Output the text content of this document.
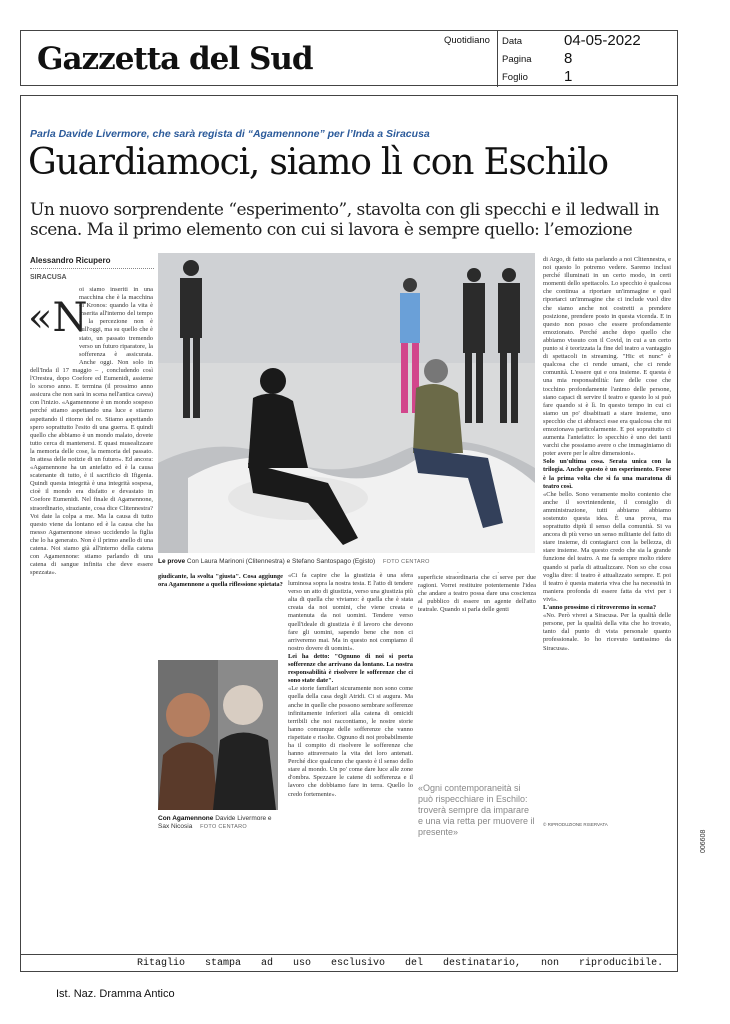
Gazzetta del Sud
Quotidiano Data	04-05-2022
Pagina 8
Foglio 1
Parla Davide Livermore, che sarà regista di “Agamennone” per l’Inda a Siracusa
Guardiamoci, siamo lì con Eschilo
Un nuovo sorprendente “esperimento”, stavolta con gli specchi e il ledwall in scena. Ma il primo elemento con cui si lavora è sempre quello: l’emozione
Alessandro Ricupero
SIRACUSA
«N

oi siamo inseriti in una macchina che è la macchina di Kronos: quando la vita è inserita all'interno del tempo e la percezione non è sull'oggi, ma su quello che è stato, un passato tremendo verso un futuro riparatore, la sofferenza è assicurata. Anche oggi. Non solo in

dell'Inda il 17 maggio – , concludendo così l'Orestea, dopo Coefore ed Eumenidi, assieme lo scorso anno. E termina (il prossimo anno assicura che non sarà in scena nell'antica cavea) con l'inizio. «Agamennone è un mondo sospeso perché stiamo aspettando una luce e stiamo aspettando il ritorno del re. Stiamo aspettando spero soprattutto l'esito di una guerra. E quindi quello che abbiamo è un mondo malato, dovete tutto cerca di mantenersi. E quasi musealizzare la memoria delle cose, la memoria del passato. In attesa delle notizie di un futuro». Ed ancora: «Agamennone ha un antefatto ed è la causa scatenante di tutto, è il sacrificio di Ifigenia. Quindi questa integrità è una integrità sospesa, cioè il mondo era disfatto e devastato in Coefore Eumenidi. Nel finale di Agamennone, straordinario, straziante, cosa dice Clitennestra? Voi date la colpa a me. Ma la causa di tutto questo viene da lontano ed è la causa che ha messo Agamennone stesso uccidendo la figlia che lo ha generato. Non è il primo anello di una catena. Noi siamo già all'interno della catena con Agamennone: stiamo parlando di una catena di sangue infinita che deve essere spezzata».

Le prove Con Laura Marinoni (Clitennestra) e Stefano Santospago (Egisto) FOTO CENTARO

giudicante, la svolta "giusta". Cosa aggiunge ora Agamennone a quella riflessione spietata?

Con Agamennone Davide Livermore e Sax Nicosia FOTO CENTARO

«Ci fa capire che la giustizia è una sfera luminosa sopra la nostra testa. E l'atto di tendere verso un atto di giustizia, verso una giustizia più alta di quella che viviamo: è quella che è stata creata da noi uomini, che viene creata e mantenuta da noi uomini. Tendere verso quell'ideale di giustizia è il lavoro che devono fare gli uomini, sapendo bene che non ci arriveremo mai. Ma in questo noi compiamo il nostro dovere di uomini».

Lei ha detto: "Ognuno di noi si porta sofferenze che arrivano da lontano. La nostra responsabilità è risolvere le sofferenze che ci sono state date".

«Le storie familiari sicuramente non sono come quella della casa degli Atridi. Ci si augura. Ma anche in quelle che possono sembrare sofferenze infinitamente inferiori alla catena di omicidi terribili che noi raccontiamo, le nostre storie hanno comunque delle sofferenze che vanno rispettate e risolte. Ognuno di noi probabilmente ha il compito di risolvere le sofferenze che hanno attraversato la vita dei loro antenati. Perché dice qualcuno che questo è il senso dello stare al mondo. Un po' come dare luce alle zone d'ombra. Spezzare le catene di sofferenza e il lavoro che dobbiamo fare in terra. Quello lo credo fortemente».

superficie straordinaria che ci serve per due ragioni. Vorrei restituire potentemente l'idea che andare a teatro possa dare una coscienza al pubblico di essere un agente dell'atto teatrale. Quando si parla delle genti

«Ogni contemporaneità si può rispecchiare in Eschilo: troverà sempre da imparare e una via retta per muovere il presente»

di Argo, di fatto sta parlando a noi Clitennestra, e noi questo lo potremo vedere. Saremo inclusi perché illuminati in un certo modo, in certi momenti dello spettacolo. Lo specchio è qualcosa che continua a riportare un'immagine e quel riportarci un'immagine che ci include vuol dire che siamo anche noi costretti a prendere posizione, prendere posto in questa vicenda. E in questo non posso che essere profondamente emozionato. Perché anche dopo quello che abbiamo vissuto con il Covid, in cui a un certo punto si è teorizzata la fine del teatro a vantaggio di spettacoli in streaming. "Hic et nunc" è qualcosa che ci rende umani, che ci rende comunità. L'essere qui e ora insieme. E questa è una mia responsabilità: fare delle cose che tocchino profondamente l'animo delle persone, siano capaci di servire il teatro e questo lo si può fare quando si è lì. In questo tempo in cui ci siamo un po' disabituati a stare insieme, uno specchio che ci abbracci esse era qualcosa che mi emozionava particolarmente. E poi soprattutto ci aumenta l'antefatto: lo specchio è uno dei tanti varchi che possiamo avere o che immaginiamo di poter avere per le altre dimensioni».

Solo un'ultima cosa. Serata unica con la trilogia. Anche questo è un esperimento. Forse è la prima volta che si fa una maratona di teatro così.

«Che bello. Sono veramente molto contento che anche il sovrintendente, il consiglio di amministrazione, tutti abbiamo abbiamo sostenuto questa idea. È una prova, ma soprattutto dipiù il senso della comunità. Si va ancora di più verso un senso militante del fatto di stare insieme, di contagiarci con la bellezza, di stare insieme. Ma questo credo che sia la grande funzione del teatro. A me fa sempre molto ridere quando si parla di attualizzare. Non so che cosa voglia dire: il teatro è attualizzato sempre. E poi il teatro è questa materia viva che ha necessità in maniera profonda di essere fatta da vivi per i vivi».

L'anno prossimo ci ritroveremo in scena?

«No. Però vivrei a Siracusa. Per la qualità delle persone, per la qualità della vita che ho trovato, tanto dal punto di vista personale quanto professionale. Io ho ricevuto tantissimo da Siracusa».

© RIPRODUZIONE RISERVATA
Ritaglio stampa ad uso esclusivo del destinatario, non riproducibile.
006608
Ist. Naz. Dramma Antico
